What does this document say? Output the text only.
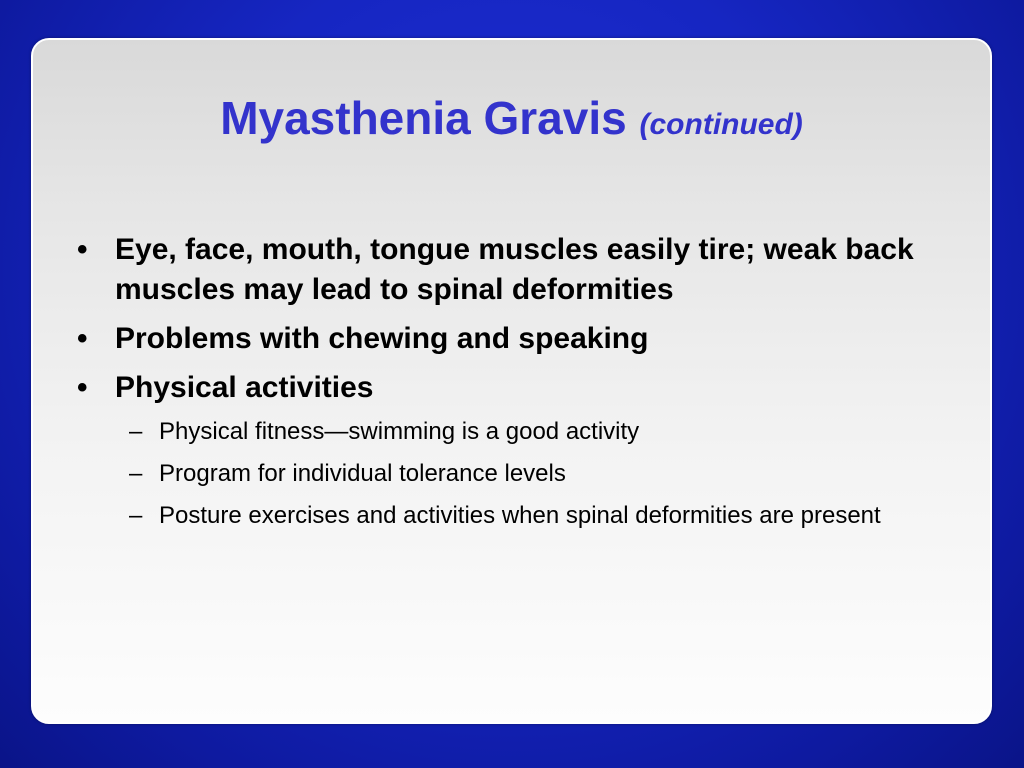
Myasthenia Gravis (continued)
• Eye, face, mouth, tongue muscles easily tire; weak back muscles may lead to spinal deformities
• Problems with chewing and speaking
• Physical activities
– Physical fitness—swimming is a good activity
– Program for individual tolerance levels
– Posture exercises and activities when spinal deformities are present
